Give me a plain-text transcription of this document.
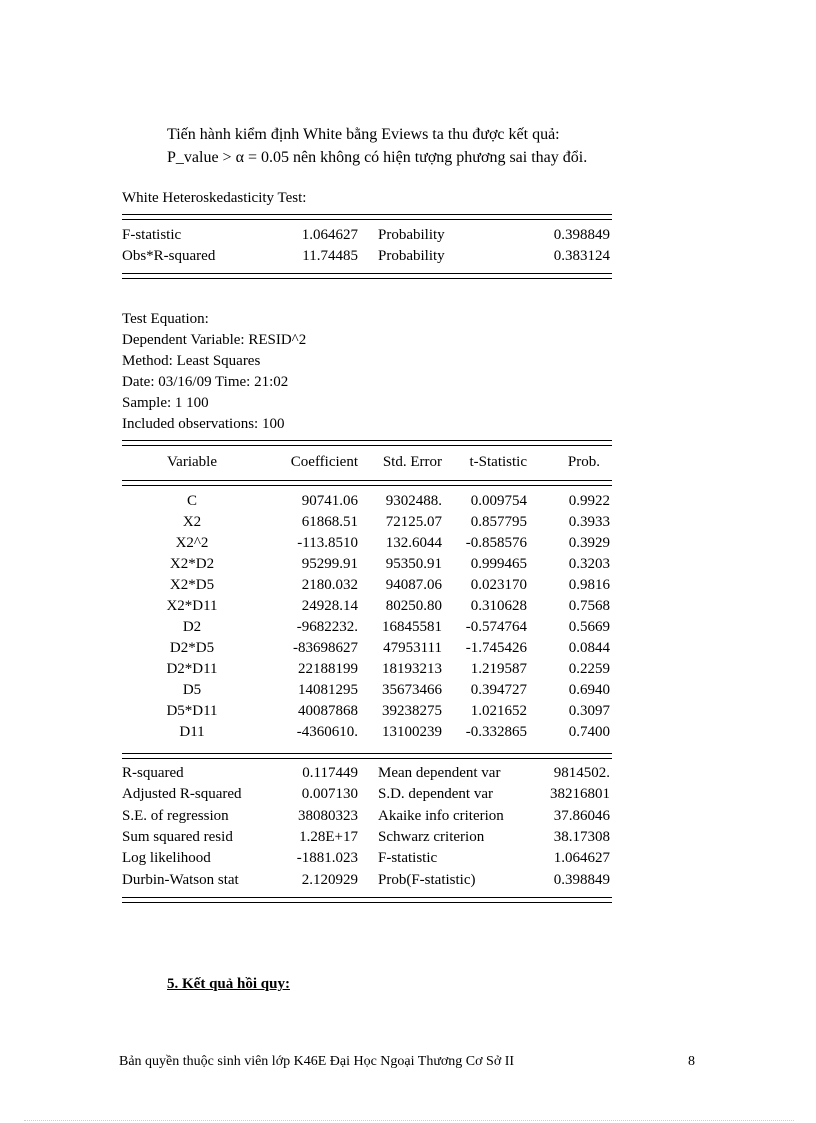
Tiến hành kiểm định White bằng Eviews ta thu được kết quả:
P_value > α = 0.05 nên không có hiện tượng phương sai thay đổi.
White Heteroskedasticity Test:
F-statistic	1.064627 Probability	0.398849
Obs*R-squared	11.74485 Probability	0.383124
Test Equation:
Dependent Variable: RESID^2
Method: Least Squares
Date: 03/16/09 Time: 21:02
Sample: 1 100
Included observations: 100
Variable	Coefficient Std. Error t-Statistic	Prob.
C	90741.06 9302488. 0.009754	0.9922
X2	61868.51 72125.07 0.857795	0.3933
X2^2	-113.8510 132.6044 -0.858576	0.3929
X2*D2	95299.91 95350.91 0.999465	0.3203
X2*D5	2180.032 94087.06 0.023170	0.9816
X2*D11	24928.14 80250.80 0.310628	0.7568
D2	-9682232. 16845581 -0.574764	0.5669
D2*D5	-83698627 47953111 -1.745426	0.0844
D2*D11	22188199 18193213 1.219587	0.2259
D5	14081295 35673466 0.394727	0.6940
D5*D11	40087868 39238275 1.021652	0.3097
D11	-4360610. 13100239 -0.332865	0.7400
R-squared	0.117449 Mean dependent var	9814502.
Adjusted R-squared	0.007130 S.D. dependent var	38216801
S.E. of regression	38080323 Akaike info criterion	37.86046
Sum squared resid	1.28E+17 Schwarz criterion	38.17308
Log likelihood	-1881.023 F-statistic	1.064627
Durbin-Watson stat	2.120929 Prob(F-statistic)	0.398849
5. Kết quả hồi quy:
Bản quyền thuộc sinh viên lớp K46E Đại Học Ngoại Thương Cơ Sở II	8
